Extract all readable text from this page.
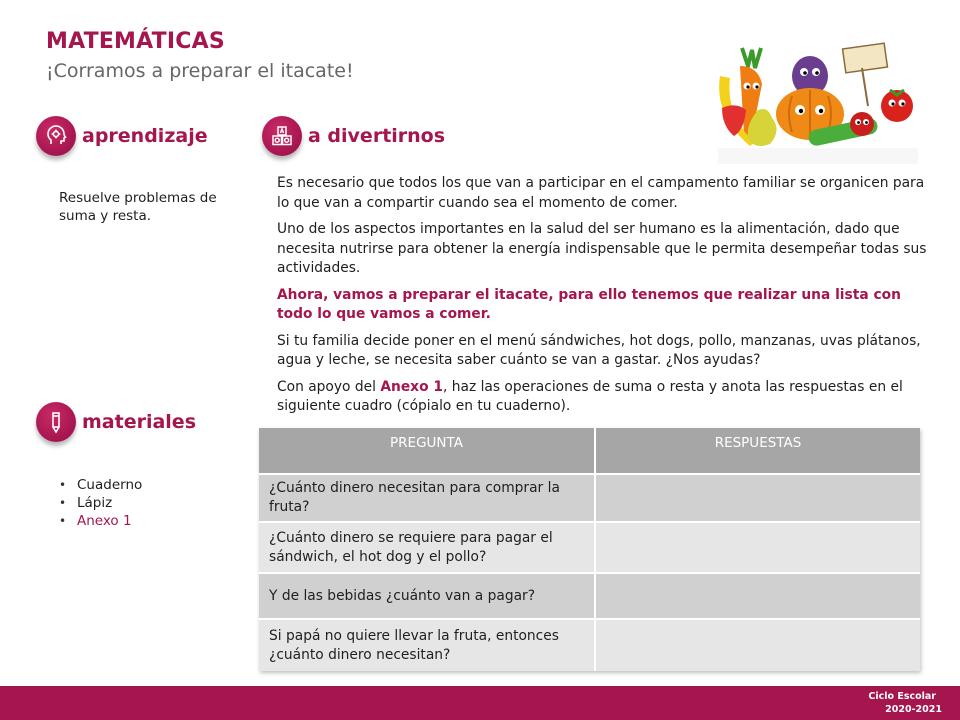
MATEMÁTICAS
¡Corramos a preparar el itacate!
aprendizaje
Resuelve problemas de suma y resta.
a divertirnos
materiales
• Cuaderno
• Lápiz
• Anexo 1

Es necesario que todos los que van a participar en el campamento familiar se organicen para lo que van a compartir cuando sea el momento de comer.

Uno de los aspectos importantes en la salud del ser humano es la alimentación, dado que necesita nutrirse para obtener la energía indispensable que le permita desempeñar todas sus actividades.

Ahora, vamos a preparar el itacate, para ello tenemos que realizar una lista con todo lo que vamos a comer.

Si tu familia decide poner en el menú sándwiches, hot dogs, pollo, manzanas, uvas plátanos, agua y leche, se necesita saber cuánto se van a gastar. ¿Nos ayudas?

Con apoyo del Anexo 1, haz las operaciones de suma o resta y anota las respuestas en el siguiente cuadro (cópialo en tu cuaderno).

PREGUNTA	RESPUESTAS
¿Cuánto dinero necesitan para comprar la fruta?	
¿Cuánto dinero se requiere para pagar el sándwich, el hot dog y el pollo?	
Y de las bebidas ¿cuánto van a pagar?	
Si papá no quiere llevar la fruta, entonces ¿cuánto dinero necesitan?	
Ciclo Escolar
2020-2021
